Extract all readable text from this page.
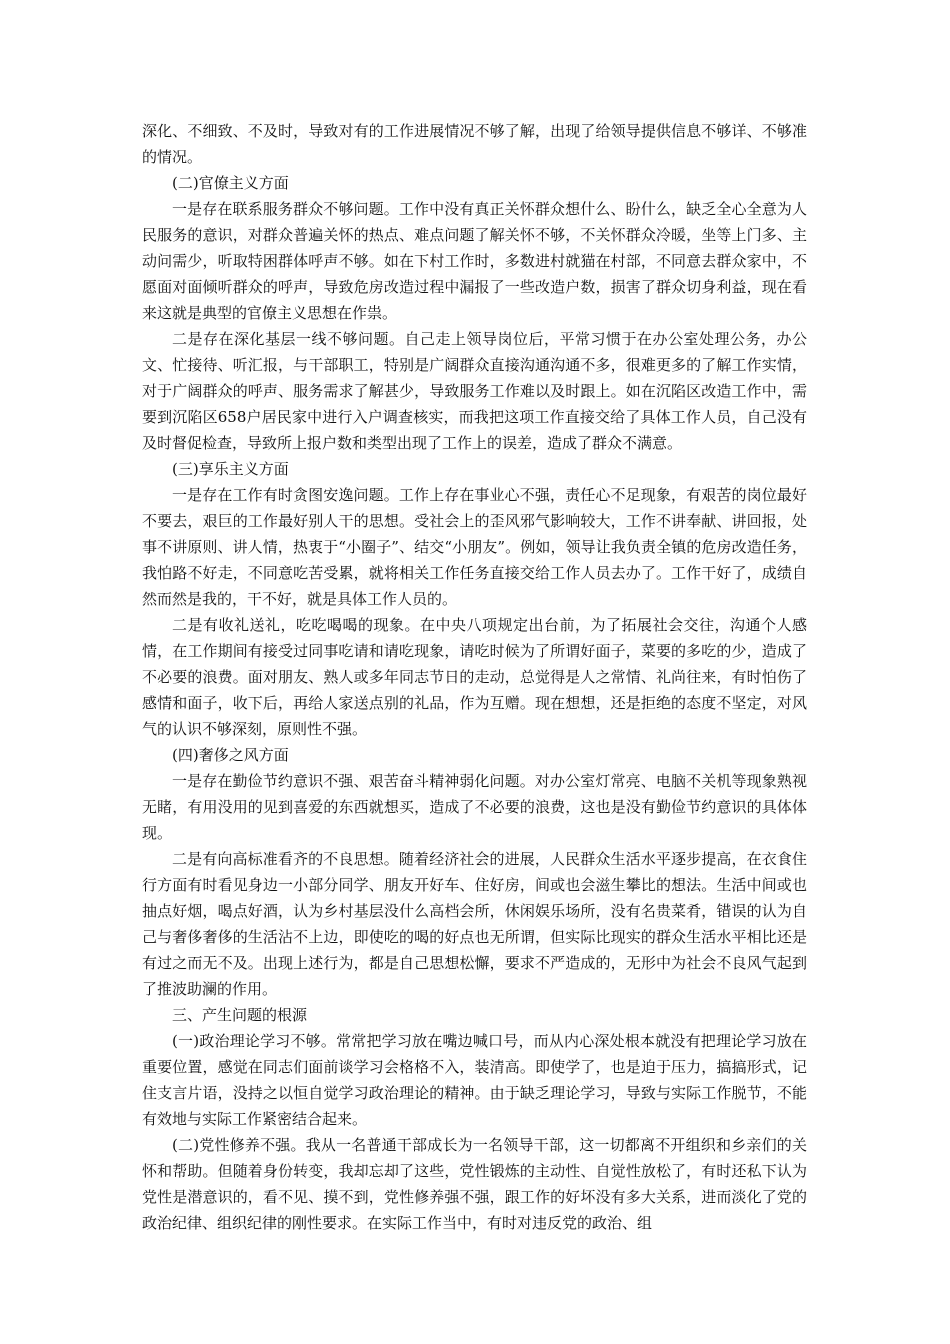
深化、不细致、不及时，导致对有的工作进展情况不够了解，出现了给领导提供信息不够详、不够准的情况。

(二)官僚主义方面

一是存在联系服务群众不够问题。工作中没有真正关怀群众想什么、盼什么，缺乏全心全意为人民服务的意识，对群众普遍关怀的热点、难点问题了解关怀不够，不关怀群众冷暖，坐等上门多、主动问需少，听取特困群体呼声不够。如在下村工作时，多数进村就猫在村部，不同意去群众家中，不愿面对面倾听群众的呼声，导致危房改造过程中漏报了一些改造户数，损害了群众切身利益，现在看来这就是典型的官僚主义思想在作祟。

二是存在深化基层一线不够问题。自己走上领导岗位后，平常习惯于在办公室处理公务，办公文、忙接待、听汇报，与干部职工，特别是广阔群众直接沟通沟通不多，很难更多的了解工作实情，对于广阔群众的呼声、服务需求了解甚少，导致服务工作难以及时跟上。如在沉陷区改造工作中，需要到沉陷区658户居民家中进行入户调查核实，而我把这项工作直接交给了具体工作人员，自己没有及时督促检查，导致所上报户数和类型出现了工作上的误差，造成了群众不满意。

(三)享乐主义方面

一是存在工作有时贪图安逸问题。工作上存在事业心不强，责任心不足现象，有艰苦的岗位最好不要去，艰巨的工作最好别人干的思想。受社会上的歪风邪气影响较大，工作不讲奉献、讲回报，处事不讲原则、讲人情，热衷于“小圈子”、结交“小朋友”。例如，领导让我负责全镇的危房改造任务，我怕路不好走，不同意吃苦受累，就将相关工作任务直接交给工作人员去办了。工作干好了，成绩自然而然是我的，干不好，就是具体工作人员的。

二是有收礼送礼，吃吃喝喝的现象。在中央八项规定出台前，为了拓展社会交往，沟通个人感情，在工作期间有接受过同事吃请和请吃现象，请吃时候为了所谓好面子，菜要的多吃的少，造成了不必要的浪费。面对朋友、熟人或多年同志节日的走动，总觉得是人之常情、礼尚往来，有时怕伤了感情和面子，收下后，再给人家送点别的礼品，作为互赠。现在想想，还是拒绝的态度不坚定，对风气的认识不够深刻，原则性不强。

(四)奢侈之风方面

一是存在勤俭节约意识不强、艰苦奋斗精神弱化问题。对办公室灯常亮、电脑不关机等现象熟视无睹，有用没用的见到喜爱的东西就想买，造成了不必要的浪费，这也是没有勤俭节约意识的具体体现。

二是有向高标准看齐的不良思想。随着经济社会的进展，人民群众生活水平逐步提高，在衣食住行方面有时看见身边一小部分同学、朋友开好车、住好房，间或也会滋生攀比的想法。生活中间或也抽点好烟，喝点好酒，认为乡村基层没什么高档会所，休闲娱乐场所，没有名贵菜肴，错误的认为自己与奢侈奢侈的生活沾不上边，即使吃的喝的好点也无所谓，但实际比现实的群众生活水平相比还是有过之而无不及。出现上述行为，都是自己思想松懈，要求不严造成的，无形中为社会不良风气起到了推波助澜的作用。

三、产生问题的根源

(一)政治理论学习不够。常常把学习放在嘴边喊口号，而从内心深处根本就没有把理论学习放在重要位置，感觉在同志们面前谈学习会格格不入，装清高。即使学了，也是迫于压力，搞搞形式，记住支言片语，没持之以恒自觉学习政治理论的精神。由于缺乏理论学习，导致与实际工作脱节，不能有效地与实际工作紧密结合起来。

(二)党性修养不强。我从一名普通干部成长为一名领导干部，这一切都离不开组织和乡亲们的关怀和帮助。但随着身份转变，我却忘却了这些，党性锻炼的主动性、自觉性放松了，有时还私下认为党性是潜意识的，看不见、摸不到，党性修养强不强，跟工作的好坏没有多大关系，进而淡化了党的政治纪律、组织纪律的刚性要求。在实际工作当中，有时对违反党的政治、组
